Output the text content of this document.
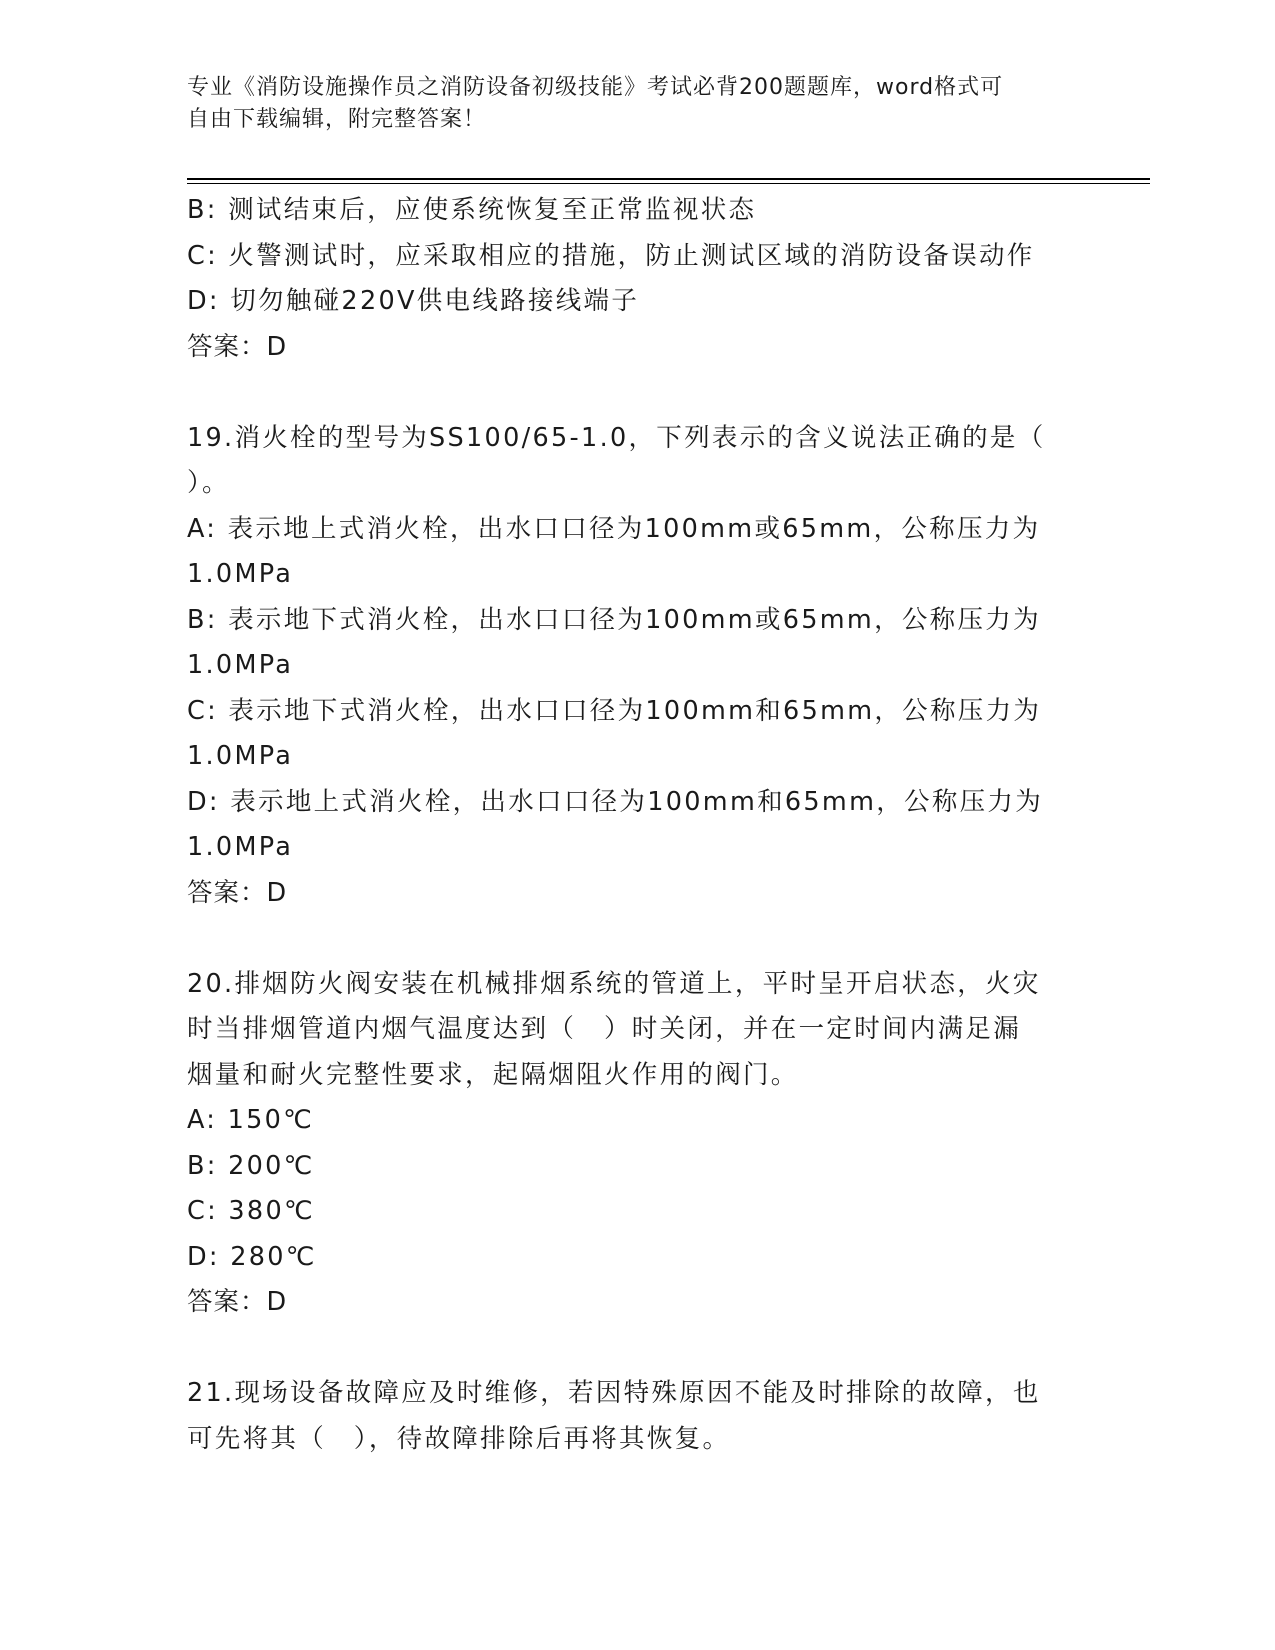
专业《消防设施操作员之消防设备初级技能》考试必背200题题库，word格式可
自由下载编辑，附完整答案！
B: 测试结束后，应使系统恢复至正常监视状态
C: 火警测试时，应采取相应的措施，防止测试区域的消防设备误动作
D: 切勿触碰220V供电线路接线端子
答案：D
19.消火栓的型号为SS100/65-1.0，下列表示的含义说法正确的是（
）。
A: 表示地上式消火栓，出水口口径为100mm或65mm，公称压力为
1.0MPa
B: 表示地下式消火栓，出水口口径为100mm或65mm，公称压力为
1.0MPa
C: 表示地下式消火栓，出水口口径为100mm和65mm，公称压力为
1.0MPa
D: 表示地上式消火栓，出水口口径为100mm和65mm，公称压力为
1.0MPa
答案：D
20.排烟防火阀安装在机械排烟系统的管道上，平时呈开启状态，火灾
时当排烟管道内烟气温度达到（　）时关闭，并在一定时间内满足漏
烟量和耐火完整性要求，起隔烟阻火作用的阀门。
A: 150℃
B: 200℃
C: 380℃
D: 280℃
答案：D
21.现场设备故障应及时维修，若因特殊原因不能及时排除的故障，也
可先将其（　），待故障排除后再将其恢复。
